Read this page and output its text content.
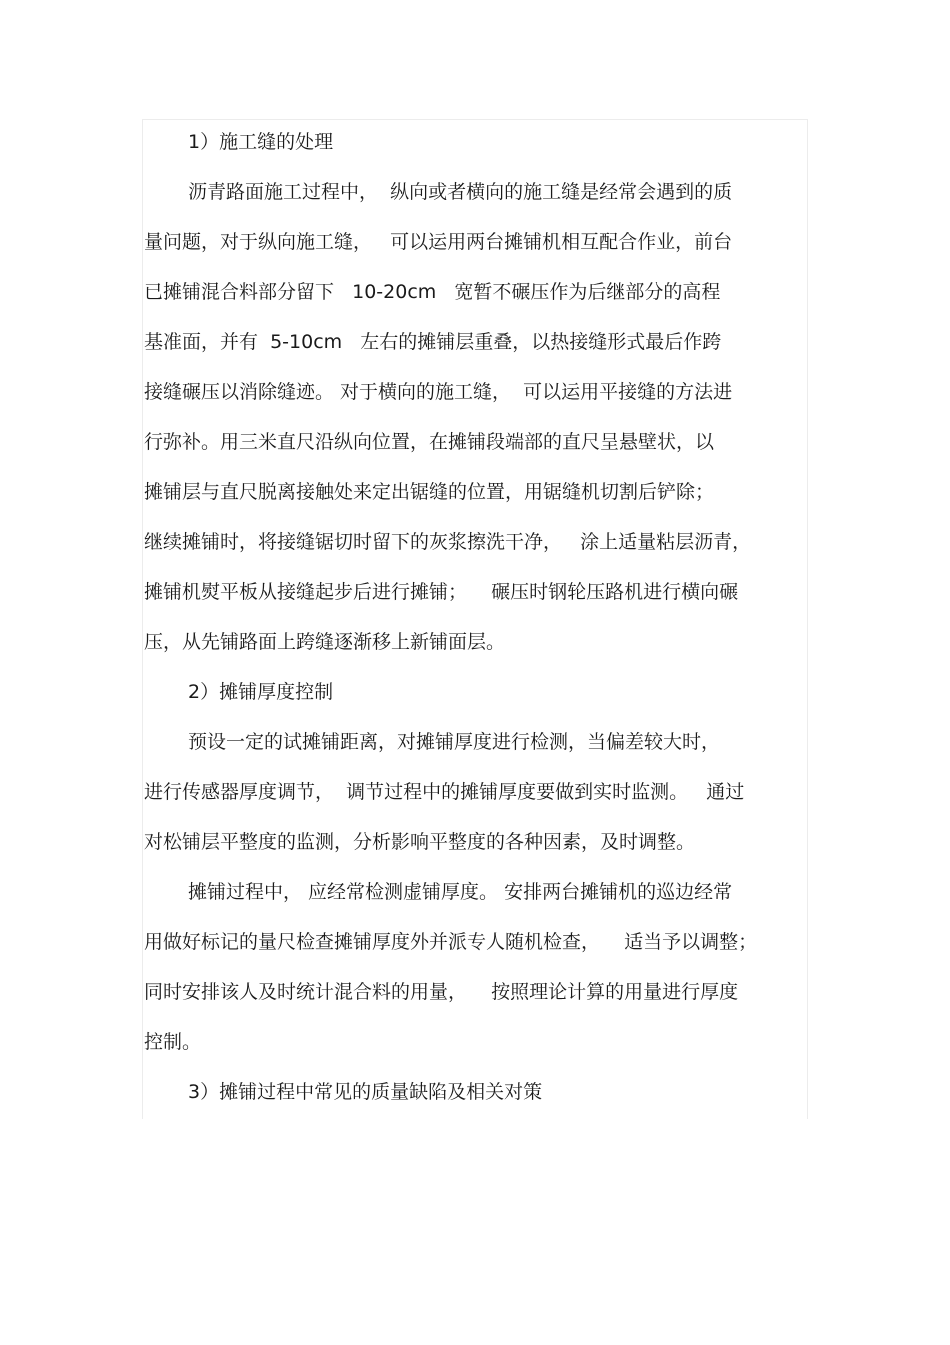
1）施工缝的处理
沥青路面施工过程中，  纵向或者横向的施工缝是经常会遇到的质
量问题，对于纵向施工缝，   可以运用两台摊铺机相互配合作业，前台
已摊铺混合料部分留下   10-20cm   宽暂不碾压作为后继部分的高程
基准面，并有  5-10cm   左右的摊铺层重叠，以热接缝形式最后作跨
接缝碾压以消除缝迹。 对于横向的施工缝，  可以运用平接缝的方法进
行弥补。用三米直尺沿纵向位置，在摊铺段端部的直尺呈悬壁状，以
摊铺层与直尺脱离接触处来定出锯缝的位置，用锯缝机切割后铲除；
继续摊铺时，将接缝锯切时留下的灰浆擦洗干净，   涂上适量粘层沥青，
摊铺机熨平板从接缝起步后进行摊铺；    碾压时钢轮压路机进行横向碾
压，从先铺路面上跨缝逐渐移上新铺面层。
2）摊铺厚度控制
预设一定的试摊铺距离，对摊铺厚度进行检测，当偏差较大时，
进行传感器厚度调节，  调节过程中的摊铺厚度要做到实时监测。   通过
对松铺层平整度的监测，分析影响平整度的各种因素，及时调整。
摊铺过程中， 应经常检测虚铺厚度。 安排两台摊铺机的巡边经常
用做好标记的量尺检查摊铺厚度外并派专人随机检查，    适当予以调整；
同时安排该人及时统计混合料的用量，    按照理论计算的用量进行厚度
控制。
3）摊铺过程中常见的质量缺陷及相关对策
